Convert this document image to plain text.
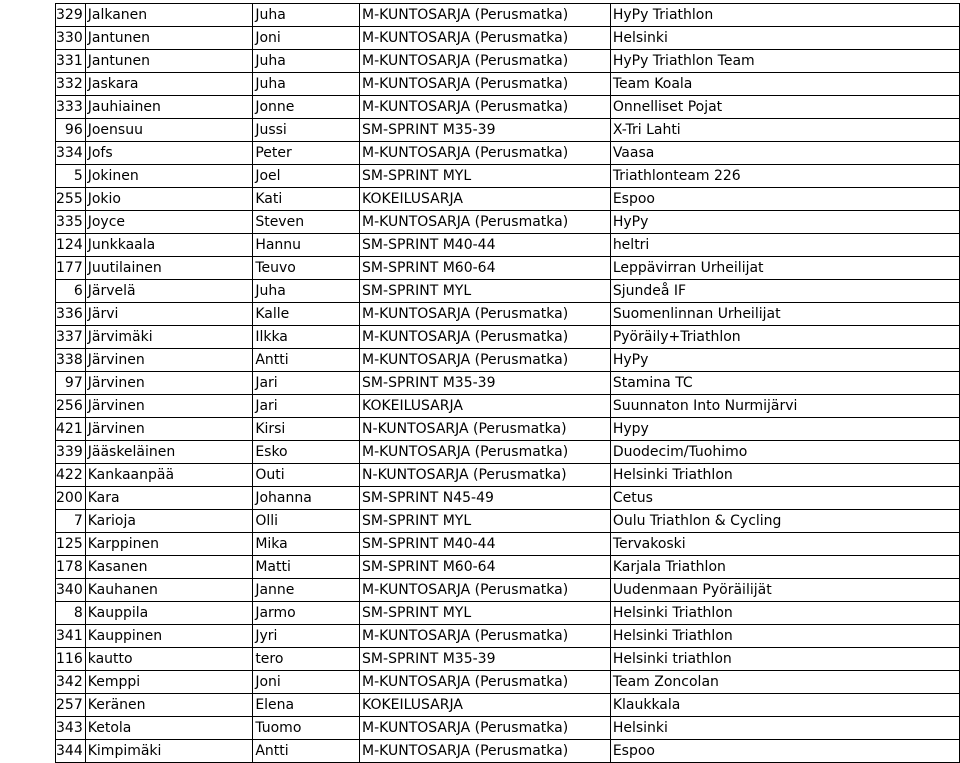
329	Jalkanen	Juha	M-KUNTOSARJA (Perusmatka)	HyPy Triathlon
330	Jantunen	Joni	M-KUNTOSARJA (Perusmatka)	Helsinki
331	Jantunen	Juha	M-KUNTOSARJA (Perusmatka)	HyPy Triathlon Team
332	Jaskara	Juha	M-KUNTOSARJA (Perusmatka)	Team Koala
333	Jauhiainen	Jonne	M-KUNTOSARJA (Perusmatka)	Onnelliset Pojat
96	Joensuu	Jussi	SM-SPRINT M35-39	X-Tri Lahti
334	Jofs	Peter	M-KUNTOSARJA (Perusmatka)	Vaasa
5	Jokinen	Joel	SM-SPRINT MYL	Triathlonteam 226
255	Jokio	Kati	KOKEILUSARJA	Espoo
335	Joyce	Steven	M-KUNTOSARJA (Perusmatka)	HyPy
124	Junkkaala	Hannu	SM-SPRINT M40-44	heltri
177	Juutilainen	Teuvo	SM-SPRINT M60-64	Leppävirran Urheilijat
6	Järvelä	Juha	SM-SPRINT MYL	Sjundeå IF
336	Järvi	Kalle	M-KUNTOSARJA (Perusmatka)	Suomenlinnan Urheilijat
337	Järvimäki	Ilkka	M-KUNTOSARJA (Perusmatka)	Pyöräily+Triathlon
338	Järvinen	Antti	M-KUNTOSARJA (Perusmatka)	HyPy
97	Järvinen	Jari	SM-SPRINT M35-39	Stamina TC
256	Järvinen	Jari	KOKEILUSARJA	Suunnaton Into Nurmijärvi
421	Järvinen	Kirsi	N-KUNTOSARJA (Perusmatka)	Hypy
339	Jääskeläinen	Esko	M-KUNTOSARJA (Perusmatka)	Duodecim/Tuohimo
422	Kankaanpää	Outi	N-KUNTOSARJA (Perusmatka)	Helsinki Triathlon
200	Kara	Johanna	SM-SPRINT N45-49	Cetus
7	Karioja	Olli	SM-SPRINT MYL	Oulu Triathlon & Cycling
125	Karppinen	Mika	SM-SPRINT M40-44	Tervakoski
178	Kasanen	Matti	SM-SPRINT M60-64	Karjala Triathlon
340	Kauhanen	Janne	M-KUNTOSARJA (Perusmatka)	Uudenmaan Pyöräilijät
8	Kauppila	Jarmo	SM-SPRINT MYL	Helsinki Triathlon
341	Kauppinen	Jyri	M-KUNTOSARJA (Perusmatka)	Helsinki Triathlon
116	kautto	tero	SM-SPRINT M35-39	Helsinki triathlon
342	Kemppi	Joni	M-KUNTOSARJA (Perusmatka)	Team Zoncolan
257	Keränen	Elena	KOKEILUSARJA	Klaukkala
343	Ketola	Tuomo	M-KUNTOSARJA (Perusmatka)	Helsinki
344	Kimpimäki	Antti	M-KUNTOSARJA (Perusmatka)	Espoo
